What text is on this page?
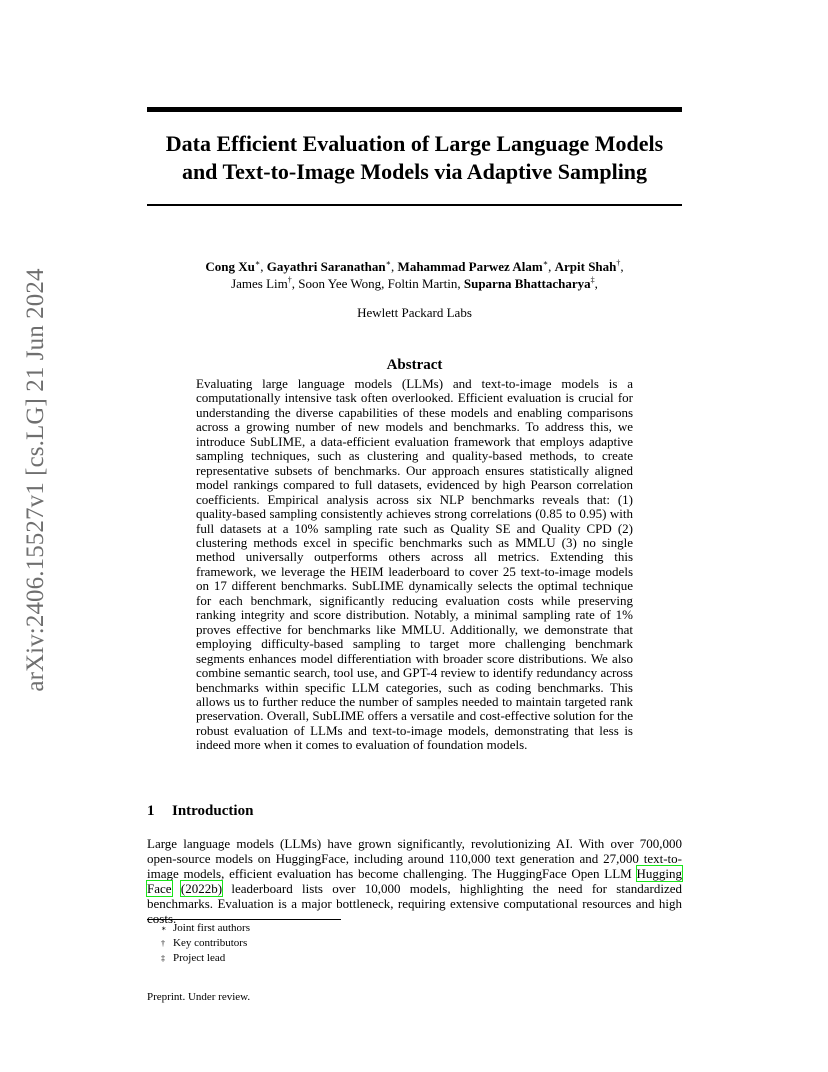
arXiv:2406.15527v1 [cs.LG] 21 Jun 2024
Data Efficient Evaluation of Large Language Models
and Text-to-Image Models via Adaptive Sampling
Cong Xu∗, Gayathri Saranathan∗, Mahammad Parwez Alam∗, Arpit Shah†,
James Lim†, Soon Yee Wong, Foltin Martin, Suparna Bhattacharya‡,
Hewlett Packard Labs
Abstract

Evaluating large language models (LLMs) and text-to-image models is a computationally intensive task often overlooked. Efficient evaluation is crucial for understanding the diverse capabilities of these models and enabling comparisons across a growing number of new models and benchmarks. To address this, we introduce SubLIME, a data-efficient evaluation framework that employs adaptive sampling techniques, such as clustering and quality-based methods, to create representative subsets of benchmarks. Our approach ensures statistically aligned model rankings compared to full datasets, evidenced by high Pearson correlation coefficients. Empirical analysis across six NLP benchmarks reveals that: (1) quality-based sampling consistently achieves strong correlations (0.85 to 0.95) with full datasets at a 10% sampling rate such as Quality SE and Quality CPD (2) clustering methods excel in specific benchmarks such as MMLU (3) no single method universally outperforms others across all metrics. Extending this framework, we leverage the HEIM leaderboard to cover 25 text-to-image models on 17 different benchmarks. SubLIME dynamically selects the optimal technique for each benchmark, significantly reducing evaluation costs while preserving ranking integrity and score distribution. Notably, a minimal sampling rate of 1% proves effective for benchmarks like MMLU. Additionally, we demonstrate that employing difficulty-based sampling to target more challenging benchmark segments enhances model differentiation with broader score distributions. We also combine semantic search, tool use, and GPT-4 review to identify redundancy across benchmarks within specific LLM categories, such as coding benchmarks. This allows us to further reduce the number of samples needed to maintain targeted rank preservation. Overall, SubLIME offers a versatile and cost-effective solution for the robust evaluation of LLMs and text-to-image models, demonstrating that less is indeed more when it comes to evaluation of foundation models.

1 Introduction

Large language models (LLMs) have grown significantly, revolutionizing AI. With over 700,000 open-source models on HuggingFace, including around 110,000 text generation and 27,000 text-to-image models, efficient evaluation has become challenging. The HuggingFace Open LLM Hugging Face (2022b) leaderboard lists over 10,000 models, highlighting the need for standardized benchmarks. Evaluation is a major bottleneck, requiring extensive computational resources and high

∗ Joint first authors
† Key contributors
‡ Project lead
Preprint. Under review.
